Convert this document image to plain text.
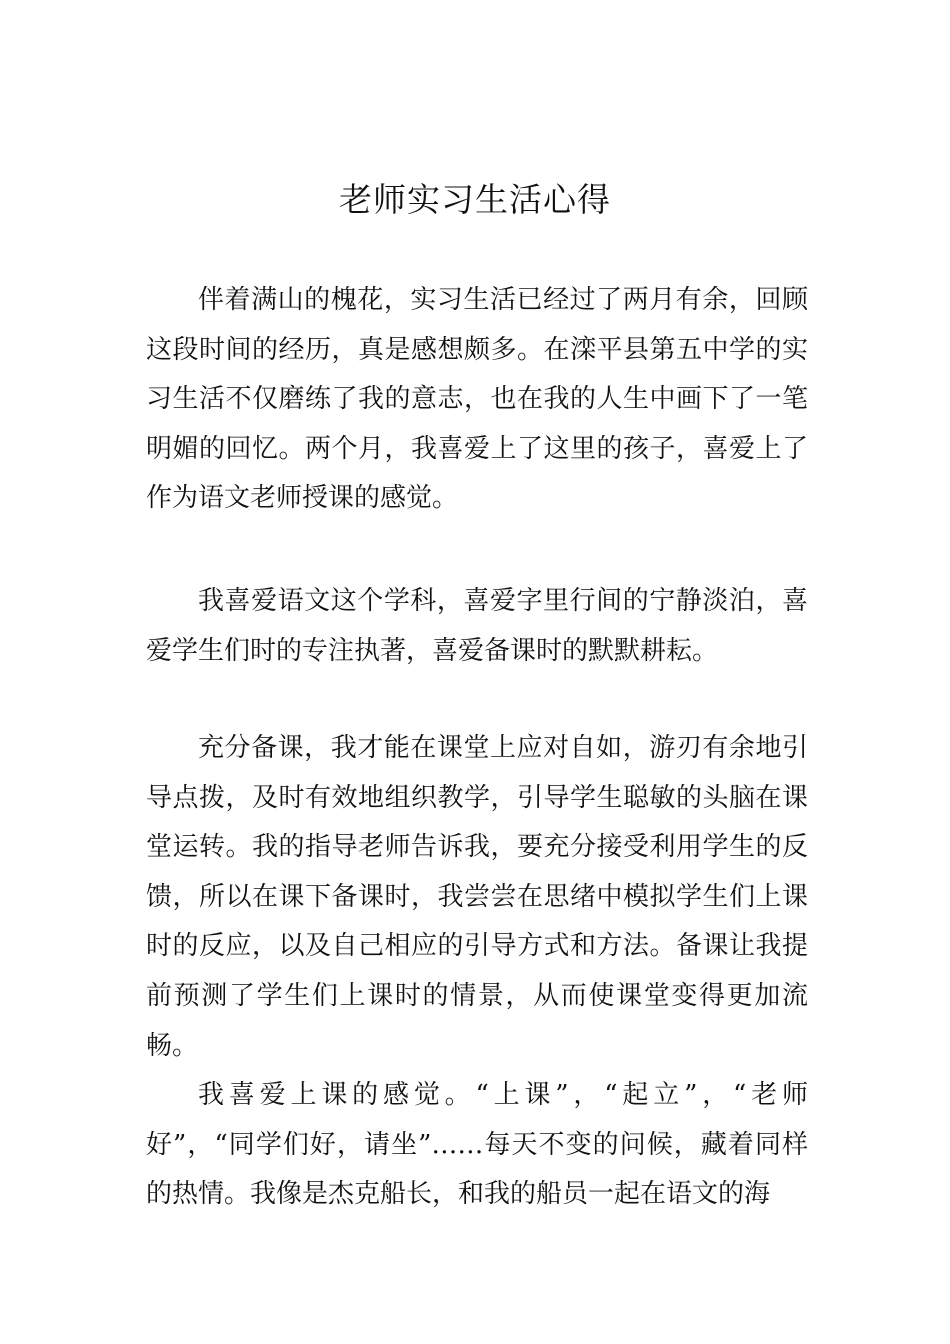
老师实习生活心得

伴着满山的槐花，实习生活已经过了两月有余，回顾这段时间的经历，真是感想颇多。在滦平县第五中学的实习生活不仅磨练了我的意志，也在我的人生中画下了一笔明媚的回忆。两个月，我喜爱上了这里的孩子，喜爱上了作为语文老师授课的感觉。

我喜爱语文这个学科，喜爱字里行间的宁静淡泊，喜爱学生们时的专注执著，喜爱备课时的默默耕耘。

充分备课，我才能在课堂上应对自如，游刃有余地引导点拨，及时有效地组织教学，引导学生聪敏的头脑在课堂运转。我的指导老师告诉我，要充分接受利用学生的反馈，所以在课下备课时，我尝尝在思绪中模拟学生们上课时的反应，以及自己相应的引导方式和方法。备课让我提前预测了学生们上课时的情景，从而使课堂变得更加流畅。

我喜爱上课的感觉。“上课”，“起立”，“老师好”，“同学们好，请坐”……每天不变的问候，藏着同样的热情。我像是杰克船长，和我的船员一起在语文的海
